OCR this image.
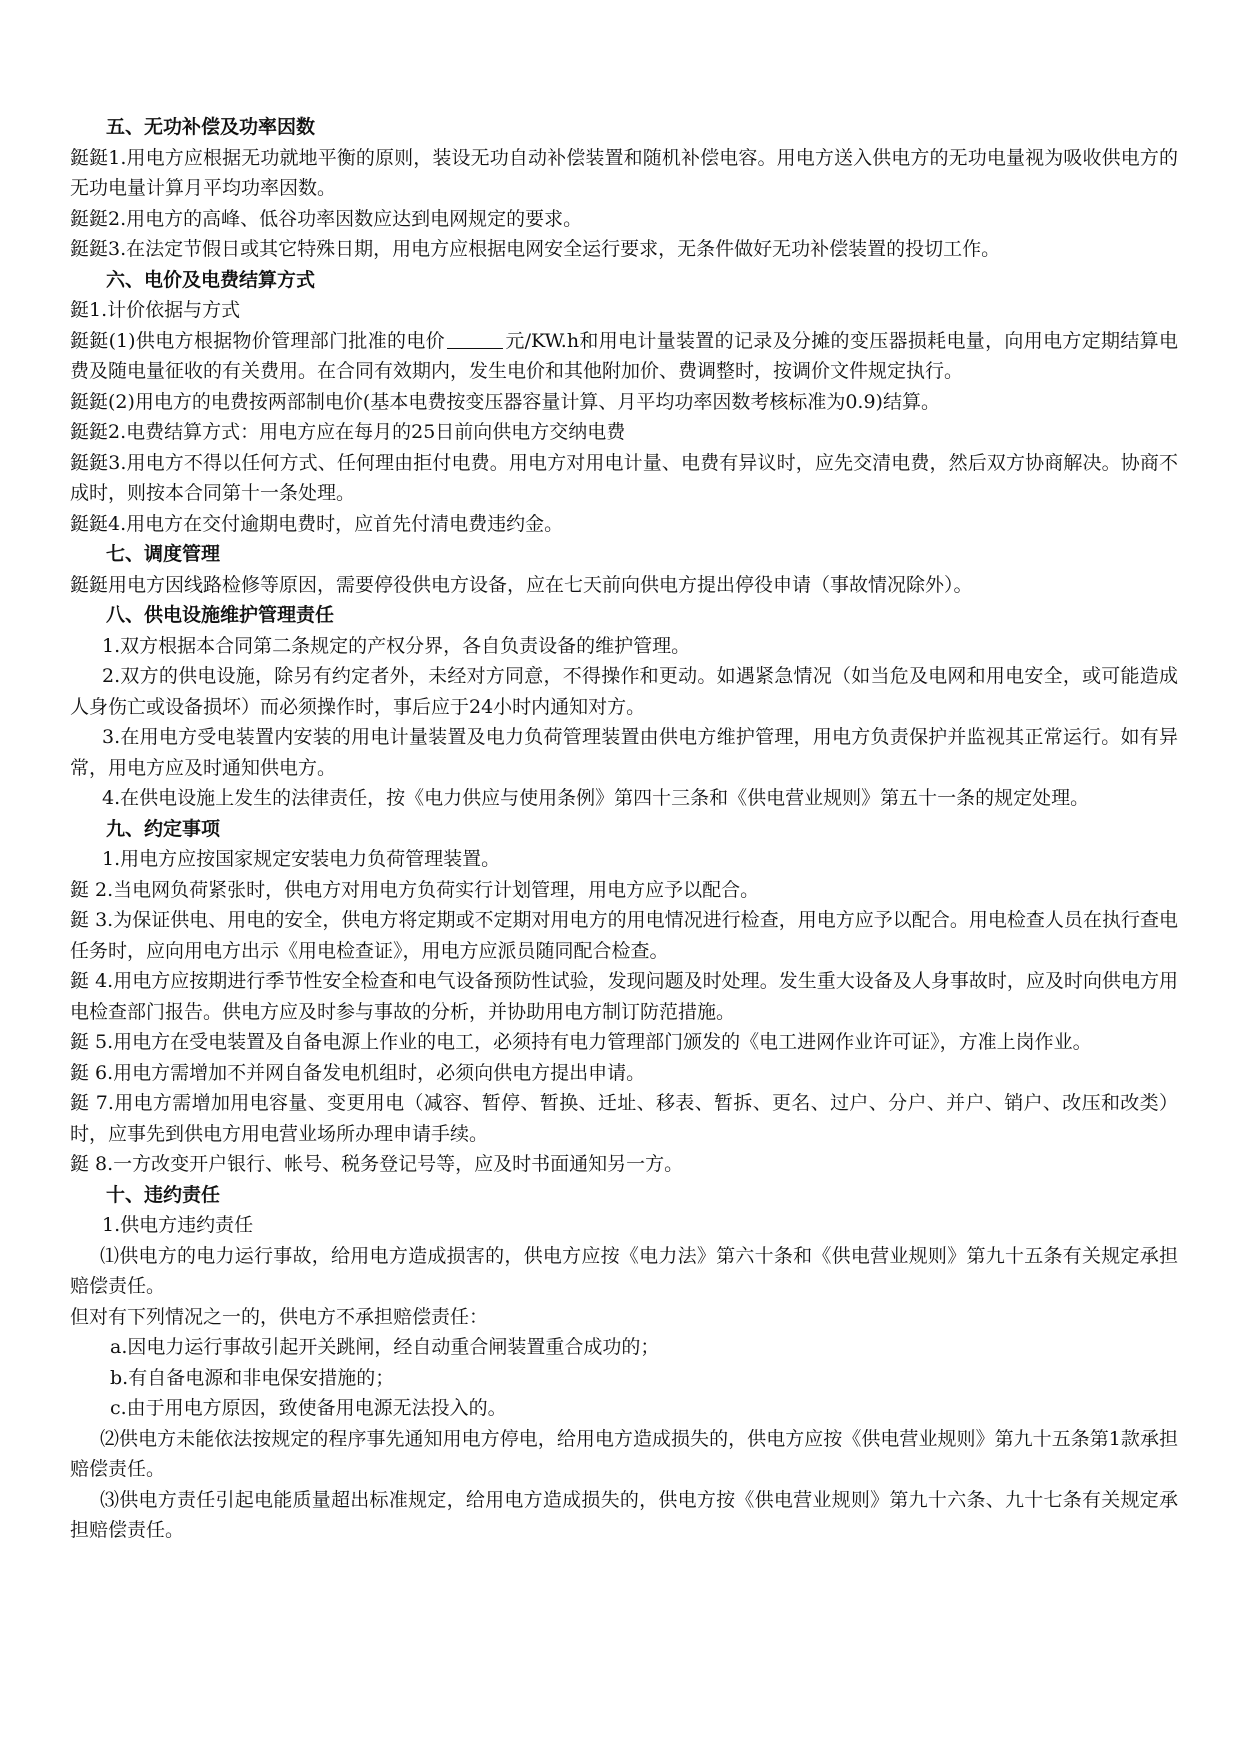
五、无功补偿及功率因数

鋌鋌1.用电方应根据无功就地平衡的原则，装设无功自动补偿装置和随机补偿电容。用电方送入供电方的无功电量视为吸收供电方的无功电量计算月平均功率因数。

鋌鋌2.用电方的高峰、低谷功率因数应达到电网规定的要求。

鋌鋌3.在法定节假日或其它特殊日期，用电方应根据电网安全运行要求，无条件做好无功补偿装置的投切工作。

六、电价及电费结算方式

鋌1.计价依据与方式

鋌鋌(1)供电方根据物价管理部门批准的电价	元/KW.h和用电计量装置的记录及分摊的变压器损耗电量，向用电方定期结算电费及随电量征收的有关费用。在合同有效期内，发生电价和其他附加价、费调整时，按调价文件规定执行。

鋌鋌(2)用电方的电费按两部制电价(基本电费按变压器容量计算、月平均功率因数考核标准为0.9)结算。

鋌鋌2.电费结算方式：用电方应在每月的25日前向供电方交纳电费

鋌鋌3.用电方不得以任何方式、任何理由拒付电费。用电方对用电计量、电费有异议时，应先交清电费，然后双方协商解决。协商不成时，则按本合同第十一条处理。

鋌鋌4.用电方在交付逾期电费时，应首先付清电费违约金。

七、调度管理

鋌鋌用电方因线路检修等原因，需要停役供电方设备，应在七天前向供电方提出停役申请（事故情况除外）。

八、供电设施维护管理责任

1.双方根据本合同第二条规定的产权分界，各自负责设备的维护管理。

2.双方的供电设施，除另有约定者外，未经对方同意，不得操作和更动。如遇紧急情况（如当危及电网和用电安全，或可能造成人身伤亡或设备损坏）而必须操作时，事后应于24小时内通知对方。

3.在用电方受电装置内安装的用电计量装置及电力负荷管理装置由供电方维护管理，用电方负责保护并监视其正常运行。如有异常，用电方应及时通知供电方。

4.在供电设施上发生的法律责任，按《电力供应与使用条例》第四十三条和《供电营业规则》第五十一条的规定处理。

九、约定事项

1.用电方应按国家规定安装电力负荷管理装置。

鋌 2.当电网负荷紧张时，供电方对用电方负荷实行计划管理，用电方应予以配合。

鋌 3.为保证供电、用电的安全，供电方将定期或不定期对用电方的用电情况进行检查，用电方应予以配合。用电检查人员在执行查电任务时，应向用电方出示《用电检查证》，用电方应派员随同配合检查。

鋌 4.用电方应按期进行季节性安全检查和电气设备预防性试验，发现问题及时处理。发生重大设备及人身事故时，应及时向供电方用电检查部门报告。供电方应及时参与事故的分析，并协助用电方制订防范措施。

鋌 5.用电方在受电装置及自备电源上作业的电工，必须持有电力管理部门颁发的《电工进网作业许可证》，方准上岗作业。

鋌 6.用电方需增加不并网自备发电机组时，必须向供电方提出申请。

鋌 7.用电方需增加用电容量、变更用电（减容、暂停、暂换、迁址、移表、暂拆、更名、过户、分户、并户、销户、改压和改类）时，应事先到供电方用电营业场所办理申请手续。

鋌 8.一方改变开户银行、帐号、税务登记号等，应及时书面通知另一方。

十、违约责任

1.供电方违约责任

⑴供电方的电力运行事故，给用电方造成损害的，供电方应按《电力法》第六十条和《供电营业规则》第九十五条有关规定承担赔偿责任。

但对有下列情况之一的，供电方不承担赔偿责任：

a.因电力运行事故引起开关跳闸，经自动重合闸装置重合成功的；

b.有自备电源和非电保安措施的；

c.由于用电方原因，致使备用电源无法投入的。

⑵供电方未能依法按规定的程序事先通知用电方停电，给用电方造成损失的，供电方应按《供电营业规则》第九十五条第1款承担赔偿责任。

⑶供电方责任引起电能质量超出标准规定，给用电方造成损失的，供电方按《供电营业规则》第九十六条、九十七条有关规定承担赔偿责任。
